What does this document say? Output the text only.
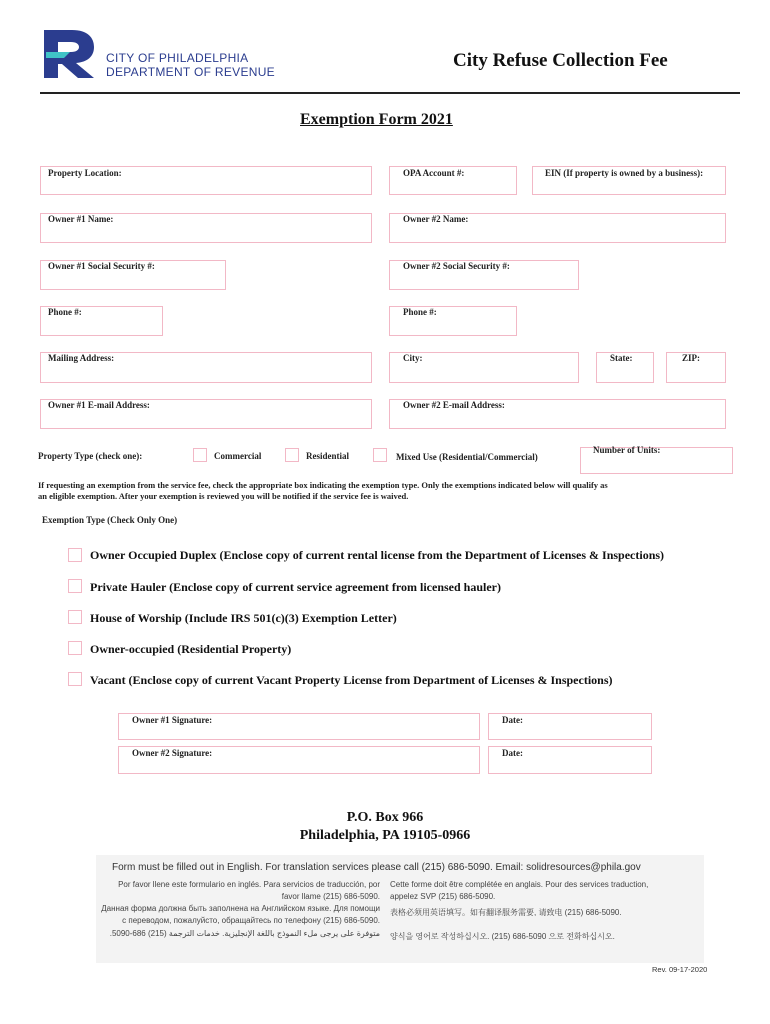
CITY OF PHILADELPHIA
DEPARTMENT OF REVENUE
City Refuse Collection Fee
Exemption Form 2021
Property Location:	OPA Account #:	EIN (If property is owned by a business):
Owner #1 Name:	Owner #2 Name:
Owner #1 Social Security #:	Owner #2 Social Security #:
Phone #:	Phone #:
Mailing Address:	City:	State:	ZIP:
Owner #1 E-mail Address:	Owner #2 E-mail Address:
Property Type (check one):	Commercial	Residential	Mixed Use (Residential/Commercial)
Number of Units:
If requesting an exemption from the service fee, check the appropriate box indicating the exemption type. Only the exemptions indicated below will qualify as
an eligible exemption. After your exemption is reviewed you will be notified if the service fee is waived.
Exemption Type (Check Only One)
Owner Occupied Duplex (Enclose copy of current rental license from the Department of Licenses & Inspections)
Private Hauler (Enclose copy of current service agreement from licensed hauler)
House of Worship (Include IRS 501(c)(3) Exemption Letter)
Owner-occupied (Residential Property)
Vacant (Enclose copy of current Vacant Property License from Department of Licenses & Inspections)
Owner #1 Signature:	Date:
Owner #2 Signature:	Date:
P.O. Box 966
Philadelphia, PA 19105-0966
Form must be filled out in English. For translation services please call (215) 686-5090. Email: solidresources@phila.gov
Por favor llene este formulario en inglés. Para servicios de traducción, por
favor llame (215) 686-5090.
Cette forme doit être complétée en anglais. Pour des services traduction,
appelez SVP (215) 686-5090.
Данная форма должна быть заполнена на Английском языке. Для помощи
с переводом, пожалуйсто, обращайтесь по телефону (215) 686-5090.
表格必须用英语填写。如有翻译服务需要, 请致电 (215) 686-5090.
متوفرة على يرجى ملء النموذج باللغة الإنجليزية. خدمات الترجمة (215) 686-5090. 양식을 영어로 작성하십시오. (215) 686-5090 으로 전화하십시오.
Rev. 09-17-2020
